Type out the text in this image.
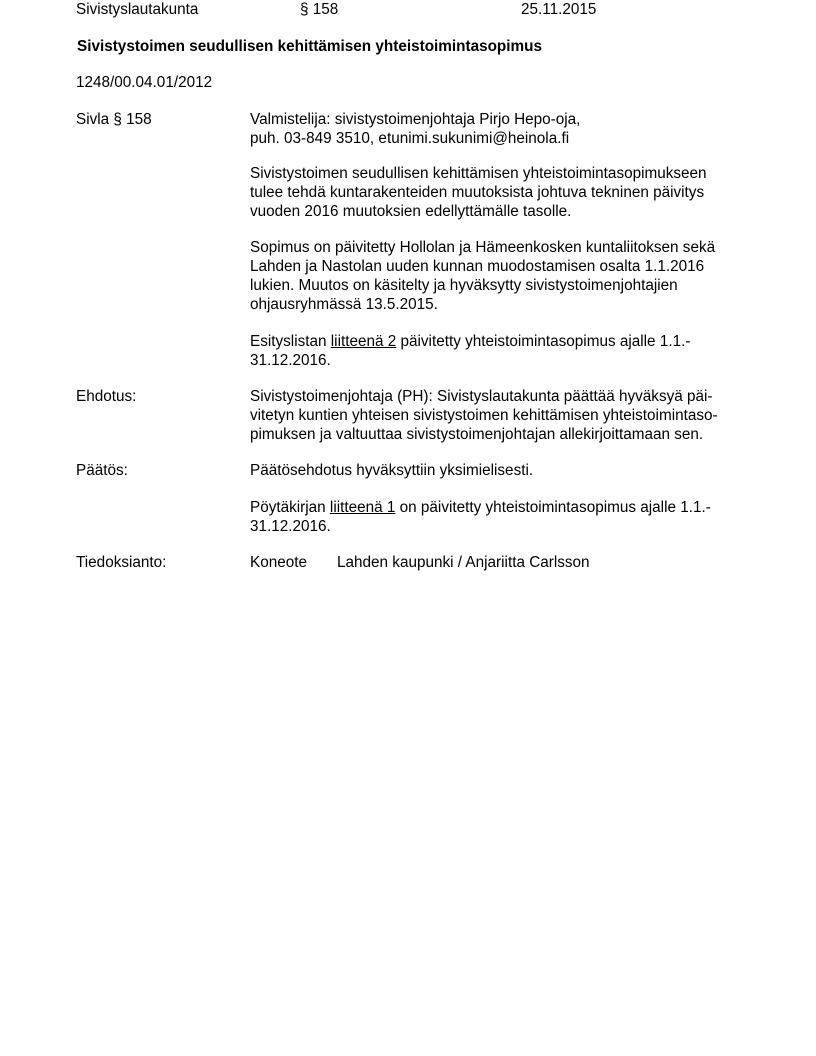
Sivistyslautakunta	§ 158	25.11.2015
Sivistystoimen seudullisen kehittämisen yhteistoimintasopimus
1248/00.04.01/2012
Sivla § 158	Valmistelija: sivistystoimenjohtaja Pirjo Hepo-oja,
puh. 03-849 3510, etunimi.sukunimi@heinola.fi
Sivistystoimen seudullisen kehittämisen yhteistoimintasopimukseen
tulee tehdä kuntarakenteiden muutoksista johtuva tekninen päivitys
vuoden 2016 muutoksien edellyttämälle tasolle.
Sopimus on päivitetty Hollolan ja Hämeenkosken kuntaliitoksen sekä
Lahden ja Nastolan uuden kunnan muodostamisen osalta 1.1.2016
lukien. Muutos on käsitelty ja hyväksytty sivistystoimenjohtajien
ohjausryhmässä 13.5.2015.
Esityslistan liitteenä 2 päivitetty yhteistoimintasopimus ajalle 1.1.-
31.12.2016.
Ehdotus:	Sivistystoimenjohtaja (PH): Sivistyslautakunta päättää hyväksyä päi-
vitetyn kuntien yhteisen sivistystoimen kehittämisen yhteistoimintaso-
pimuksen ja valtuuttaa sivistystoimenjohtajan allekirjoittamaan sen.
Päätös:	Päätösehdotus hyväksyttiin yksimielisesti.
Pöytäkirjan liitteenä 1 on päivitetty yhteistoimintasopimus ajalle 1.1.-
31.12.2016.
Tiedoksianto:	Koneote Lahden kaupunki / Anjariitta Carlsson
